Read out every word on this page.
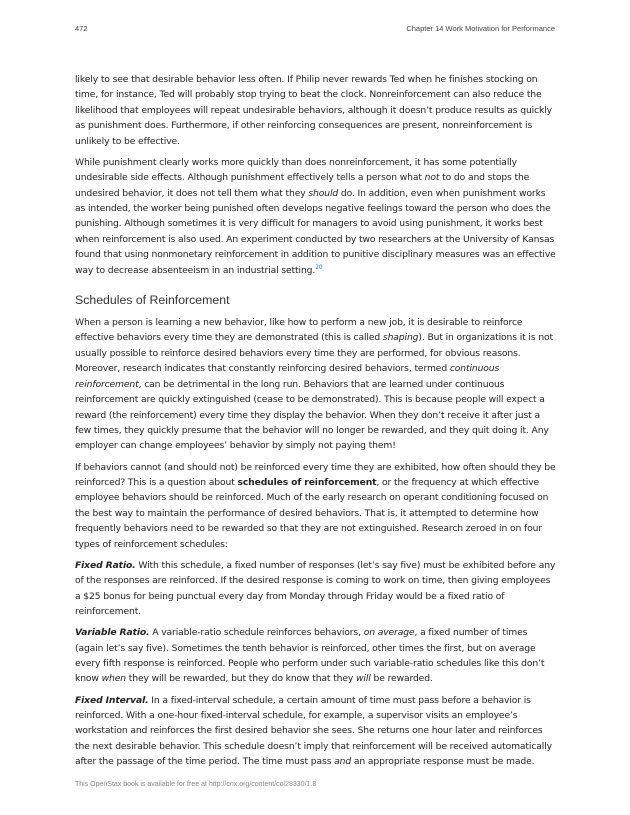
472	Chapter 14 Work Motivation for Performance

likely to see that desirable behavior less often. If Philip never rewards Ted when he finishes stocking on time, for instance, Ted will probably stop trying to beat the clock. Nonreinforcement can also reduce the likelihood that employees will repeat undesirable behaviors, although it doesn’t produce results as quickly as punishment does. Furthermore, if other reinforcing consequences are present, nonreinforcement is unlikely to be effective.

While punishment clearly works more quickly than does nonreinforcement, it has some potentially undesirable side effects. Although punishment effectively tells a person what not to do and stops the undesired behavior, it does not tell them what they should do. In addition, even when punishment works as intended, the worker being punished often develops negative feelings toward the person who does the punishing. Although sometimes it is very difficult for managers to avoid using punishment, it works best when reinforcement is also used. An experiment conducted by two researchers at the University of Kansas found that using nonmonetary reinforcement in addition to punitive disciplinary measures was an effective way to decrease absenteeism in an industrial setting.$^{20}$

Schedules of Reinforcement

When a person is learning a new behavior, like how to perform a new job, it is desirable to reinforce effective behaviors every time they are demonstrated (this is called shaping). But in organizations it is not usually possible to reinforce desired behaviors every time they are performed, for obvious reasons. Moreover, research indicates that constantly reinforcing desired behaviors, termed continuous reinforcement, can be detrimental in the long run. Behaviors that are learned under continuous reinforcement are quickly extinguished (cease to be demonstrated). This is because people will expect a reward (the reinforcement) every time they display the behavior. When they don’t receive it after just a few times, they quickly presume that the behavior will no longer be rewarded, and they quit doing it. Any employer can change employees’ behavior by simply not paying them!

If behaviors cannot (and should not) be reinforced every time they are exhibited, how often should they be reinforced? This is a question about schedules of reinforcement, or the frequency at which effective employee behaviors should be reinforced. Much of the early research on operant conditioning focused on the best way to maintain the performance of desired behaviors. That is, it attempted to determine how frequently behaviors need to be rewarded so that they are not extinguished. Research zeroed in on four types of reinforcement schedules:

Fixed Ratio. With this schedule, a fixed number of responses (let’s say five) must be exhibited before any of the responses are reinforced. If the desired response is coming to work on time, then giving employees a $25 bonus for being punctual every day from Monday through Friday would be a fixed ratio of reinforcement.

Variable Ratio. A variable-ratio schedule reinforces behaviors, on average, a fixed number of times (again let’s say five). Sometimes the tenth behavior is reinforced, other times the first, but on average every fifth response is reinforced. People who perform under such variable-ratio schedules like this don’t know when they will be rewarded, but they do know that they will be rewarded.

Fixed Interval. In a fixed-interval schedule, a certain amount of time must pass before a behavior is reinforced. With a one-hour fixed-interval schedule, for example, a supervisor visits an employee’s workstation and reinforces the first desired behavior she sees. She returns one hour later and reinforces the next desirable behavior. This schedule doesn’t imply that reinforcement will be received automatically after the passage of the time period. The time must pass and an appropriate response must be made.

This OpenStax book is available for free at http://cnx.org/content/col28330/1.8
